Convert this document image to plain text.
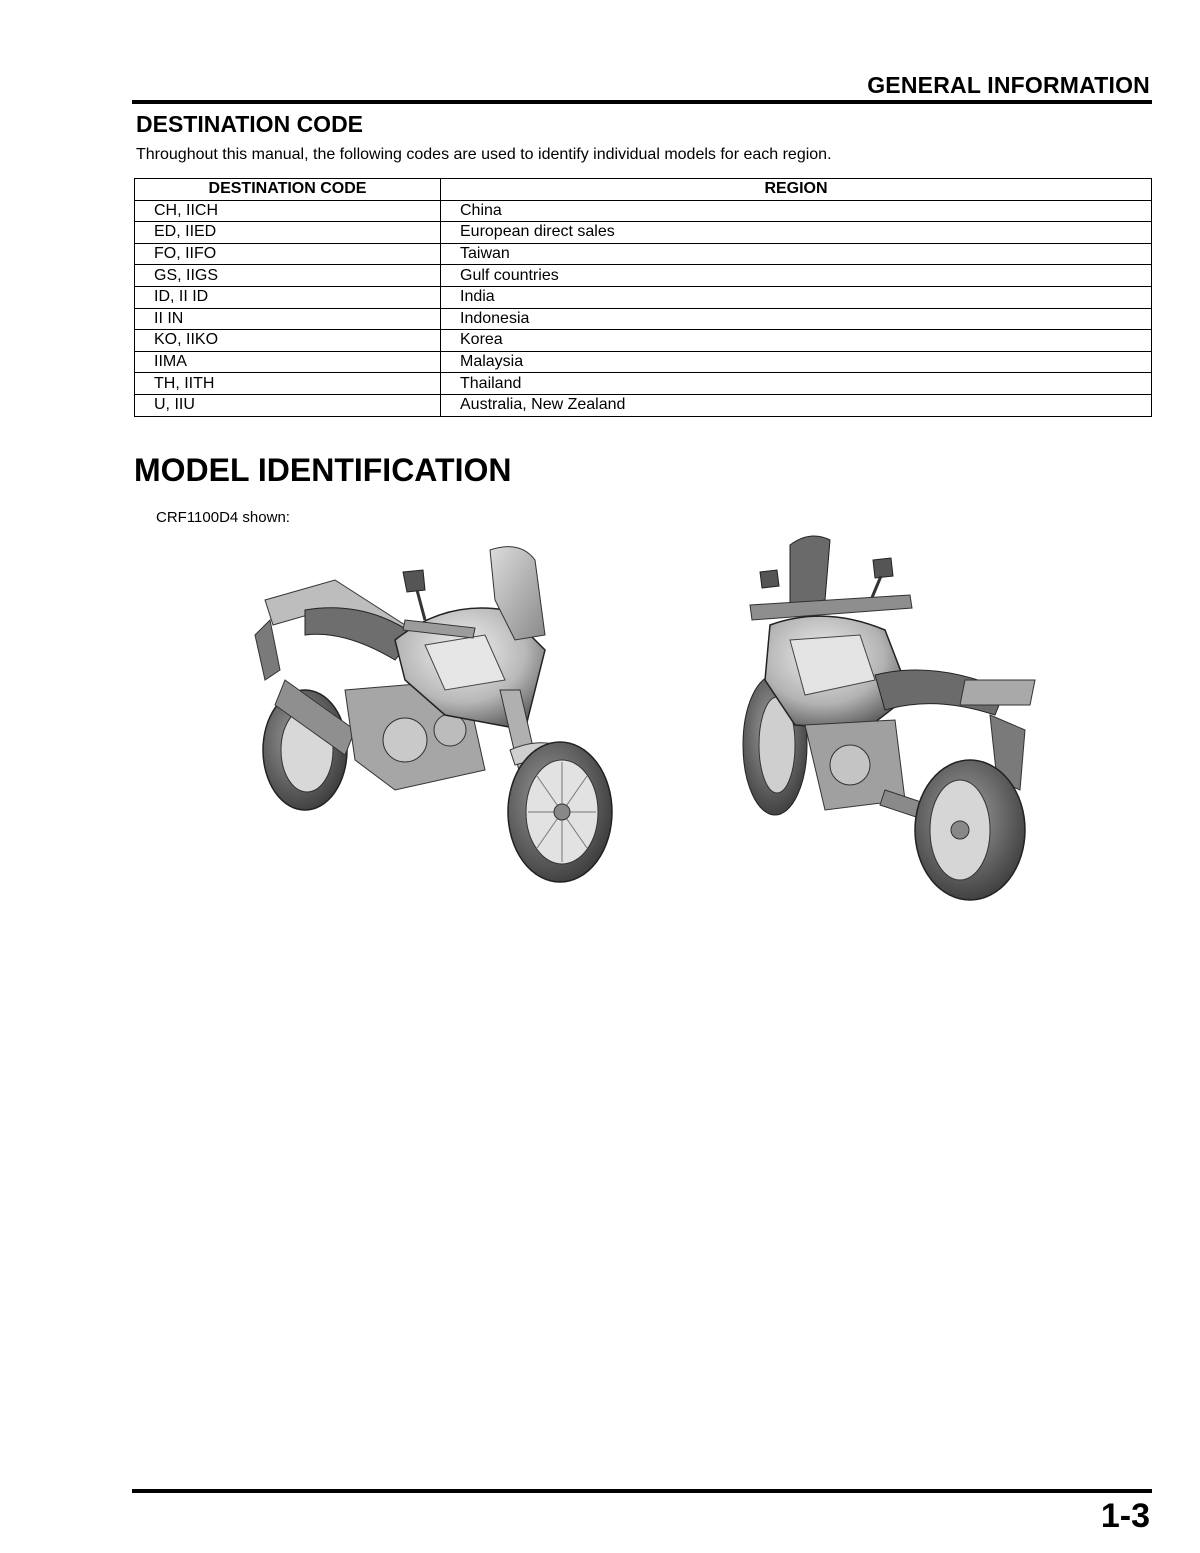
GENERAL INFORMATION
DESTINATION CODE
Throughout this manual, the following codes are used to identify individual models for each region.
DESTINATION CODE	REGION
CH, IICH	China
ED, IIED	European direct sales
FO, IIFO	Taiwan
GS, IIGS	Gulf countries
ID, II ID	India
II IN	Indonesia
KO, IIKO	Korea
IIMA	Malaysia
TH, IITH	Thailand
U, IIU	Australia, New Zealand
MODEL IDENTIFICATION
CRF1100D4 shown:
1-3
